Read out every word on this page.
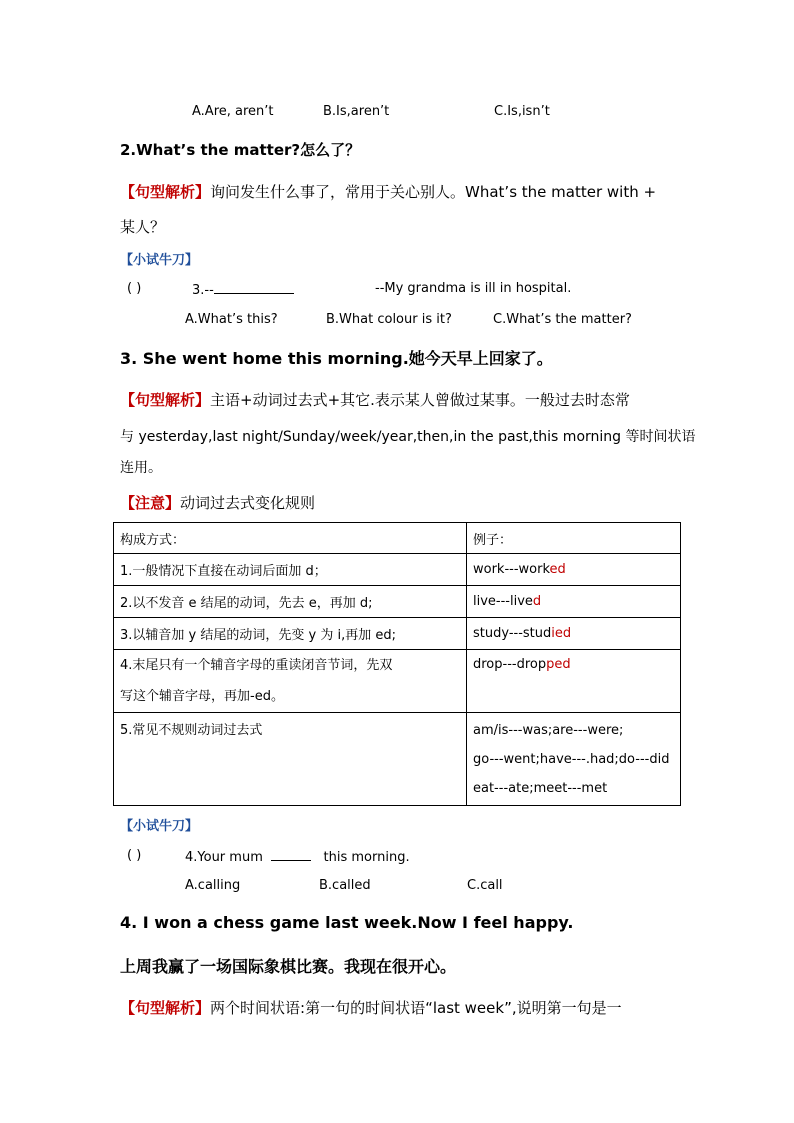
A.Are, aren’t	B.Is,aren’t	C.Is,isn’t
2.What’s the matter?怎么了？
【句型解析】询问发生什么事了，常用于关心别人。What’s the matter with +
某人？
【小试牛刀】
( )	3.--	--My grandma is ill in hospital.
A.What’s this?	B.What colour is it?	C.What’s the matter?
3. She went home this morning.她今天早上回家了。
【句型解析】主语+动词过去式+其它.表示某人曾做过某事。一般过去时态常
与 yesterday,last night/Sunday/week/year,then,in the past,this morning 等时间状语
连用。
【注意】动词过去式变化规则
构成方式：	例子：
1.一般情况下直接在动词后面加 d；	work---worked
2.以不发音 e 结尾的动词，先去 e，再加 d;	live---lived
3.以辅音加 y 结尾的动词，先变 y 为 i,再加 ed;	study---studied

4.末尾只有一个辅音字母的重读闭音节词，先双
写这个辅音字母，再加-ed。	drop---dropped
5.常见不规则动词过去式	am/is---was;are---were;
go---went;have---.had;do---did
eat---ate;meet---met
【小试牛刀】
( )	4.Your mum	this morning.
A.calling	B.called	C.call
4. I won a chess game last week.Now I feel happy.
上周我赢了一场国际象棋比赛。我现在很开心。
【句型解析】两个时间状语:第一句的时间状语“last week”,说明第一句是一
